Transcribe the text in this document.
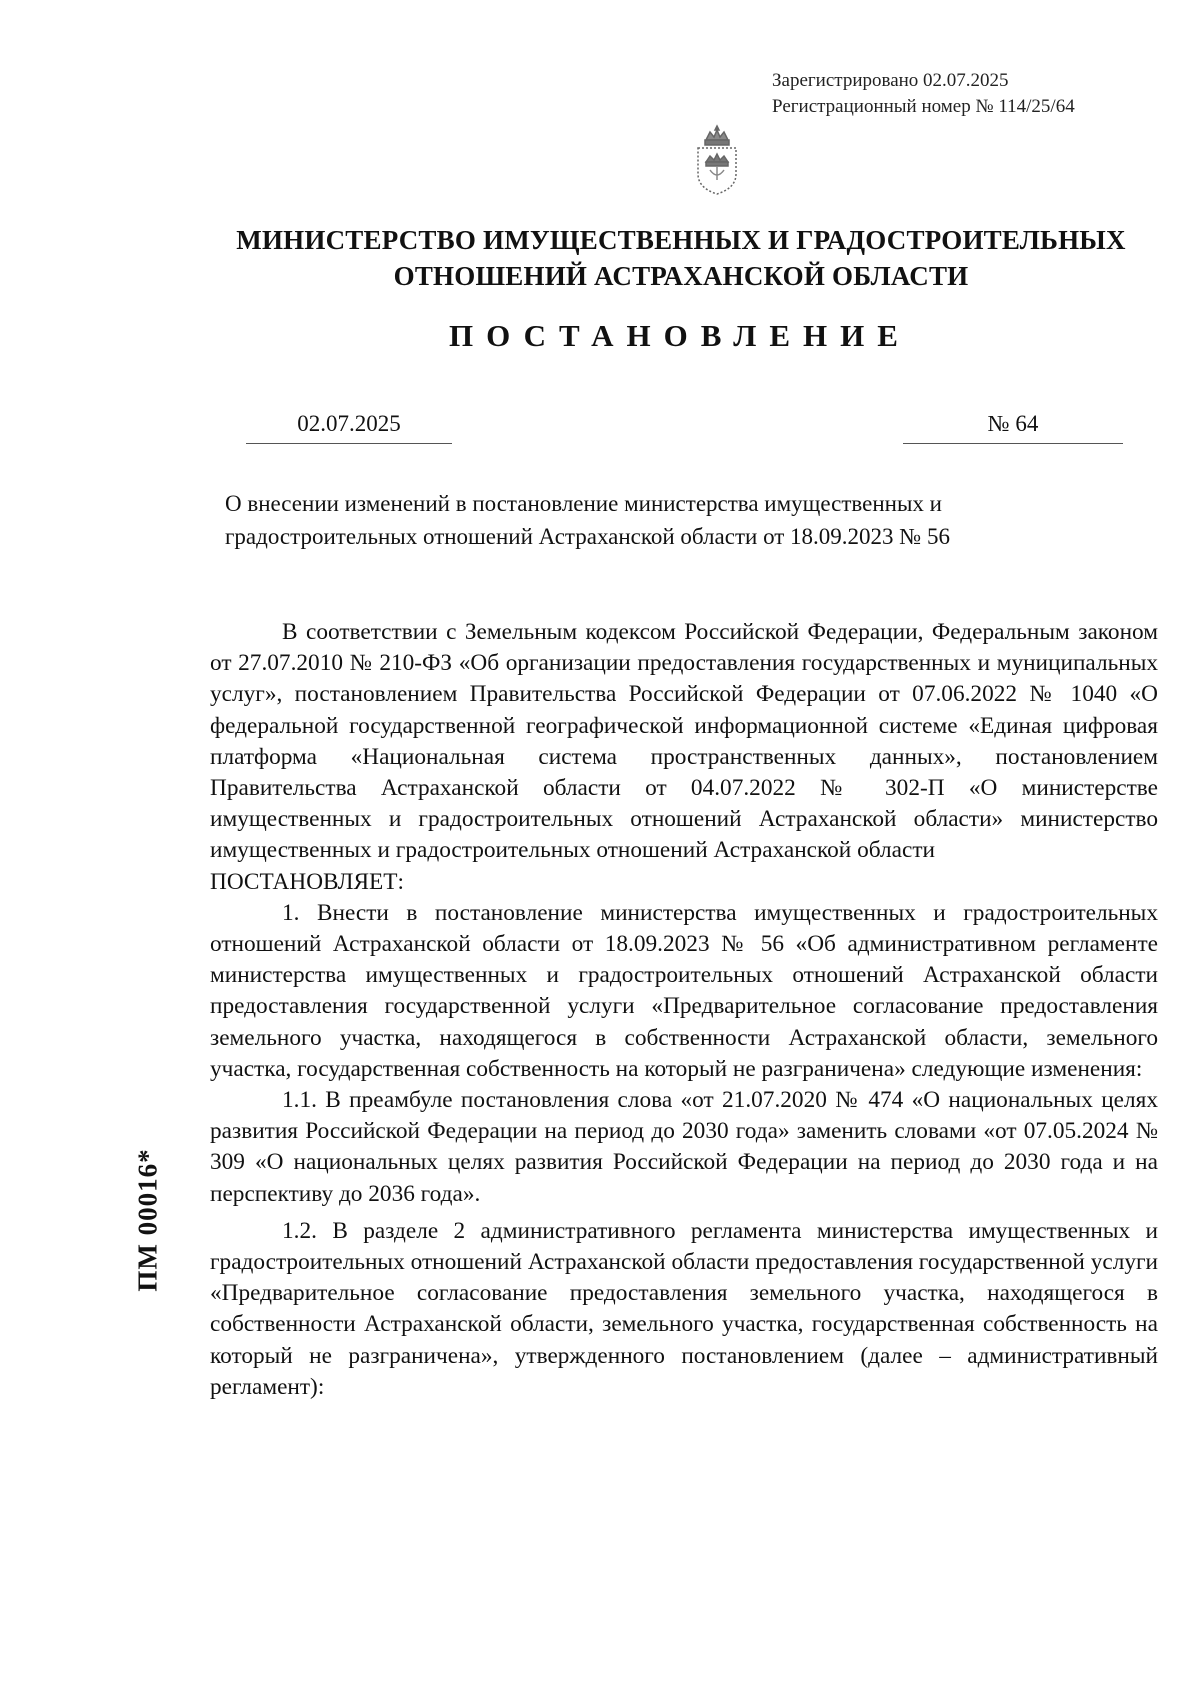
Зарегистрировано 02.07.2025
Регистрационный номер № 114/25/64
МИНИСТЕРСТВО ИМУЩЕСТВЕННЫХ И ГРАДОСТРОИТЕЛЬНЫХ
ОТНОШЕНИЙ АСТРАХАНСКОЙ ОБЛАСТИ
ПОСТАНОВЛЕНИЕ
02.07.2025	№ 64
О внесении изменений в постановление министерства имущественных и
градостроительных отношений Астраханской области от 18.09.2023 № 56

В соответствии с Земельным кодексом Российской Федерации, Федеральным законом от 27.07.2010 № 210-ФЗ «Об организации предоставления государственных и муниципальных услуг», постановлением Правительства Российской Федерации от 07.06.2022 № 1040 «О федеральной государственной географической информационной системе «Единая цифровая платформа «Национальная система пространственных данных», постановлением Правительства Астраханской области от 04.07.2022 № 302-П «О министерстве имущественных и градостроительных отношений Астраханской области» министерство имущественных и градостроительных отношений Астраханской области

ПОСТАНОВЛЯЕТ:

1. Внести в постановление министерства имущественных и градостроительных отношений Астраханской области от 18.09.2023 № 56 «Об административном регламенте министерства имущественных и градостроительных отношений Астраханской области предоставления государственной услуги «Предварительное согласование предоставления земельного участка, находящегося в собственности Астраханской области, земельного участка, государственная собственность на который не разграничена» следующие изменения:

1.1. В преамбуле постановления слова «от 21.07.2020 № 474 «О национальных целях развития Российской Федерации на период до 2030 года» заменить словами «от 07.05.2024 № 309 «О национальных целях развития Российской Федерации на период до 2030 года и на перспективу до 2036 года».

1.2. В разделе 2 административного регламента министерства имущественных и градостроительных отношений Астраханской области предоставления государственной услуги «Предварительное согласование предоставления земельного участка, находящегося в собственности Астраханской области, земельного участка, государственная собственность на который не разграничена», утвержденного постановлением (далее – административный регламент):

ПМ 00016*
